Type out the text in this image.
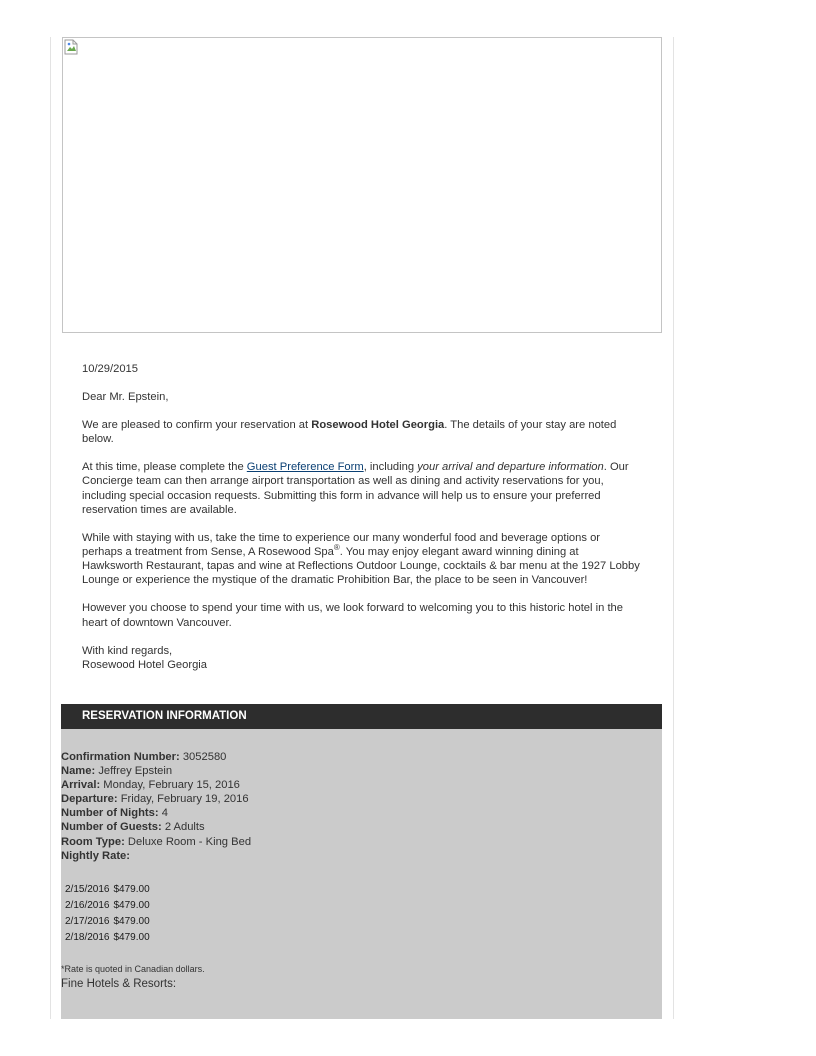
10/29/2015

Dear Mr. Epstein,

We are pleased to confirm your reservation at Rosewood Hotel Georgia. The details of your stay are noted below.

At this time, please complete the Guest Preference Form, including your arrival and departure information. Our Concierge team can then arrange airport transportation as well as dining and activity reservations for you, including special occasion requests. Submitting this form in advance will help us to ensure your preferred reservation times are available.

While with staying with us, take the time to experience our many wonderful food and beverage options or perhaps a treatment from Sense, A Rosewood Spa®. You may enjoy elegant award winning dining at Hawksworth Restaurant, tapas and wine at Reflections Outdoor Lounge, cocktails & bar menu at the 1927 Lobby Lounge or experience the mystique of the dramatic Prohibition Bar, the place to be seen in Vancouver!

However you choose to spend your time with us, we look forward to welcoming you to this historic hotel in the heart of downtown Vancouver.

With kind regards,
Rosewood Hotel Georgia

RESERVATION INFORMATION
Confirmation Number: 3052580
Name: Jeffrey Epstein
Arrival: Monday, February 15, 2016
Departure: Friday, February 19, 2016
Number of Nights: 4
Number of Guests: 2 Adults
Room Type: Deluxe Room - King Bed
Nightly Rate:
2/15/2016 $479.00
2/16/2016 $479.00
2/17/2016 $479.00
2/18/2016 $479.00
*Rate is quoted in Canadian dollars.
Fine Hotels & Resorts:
